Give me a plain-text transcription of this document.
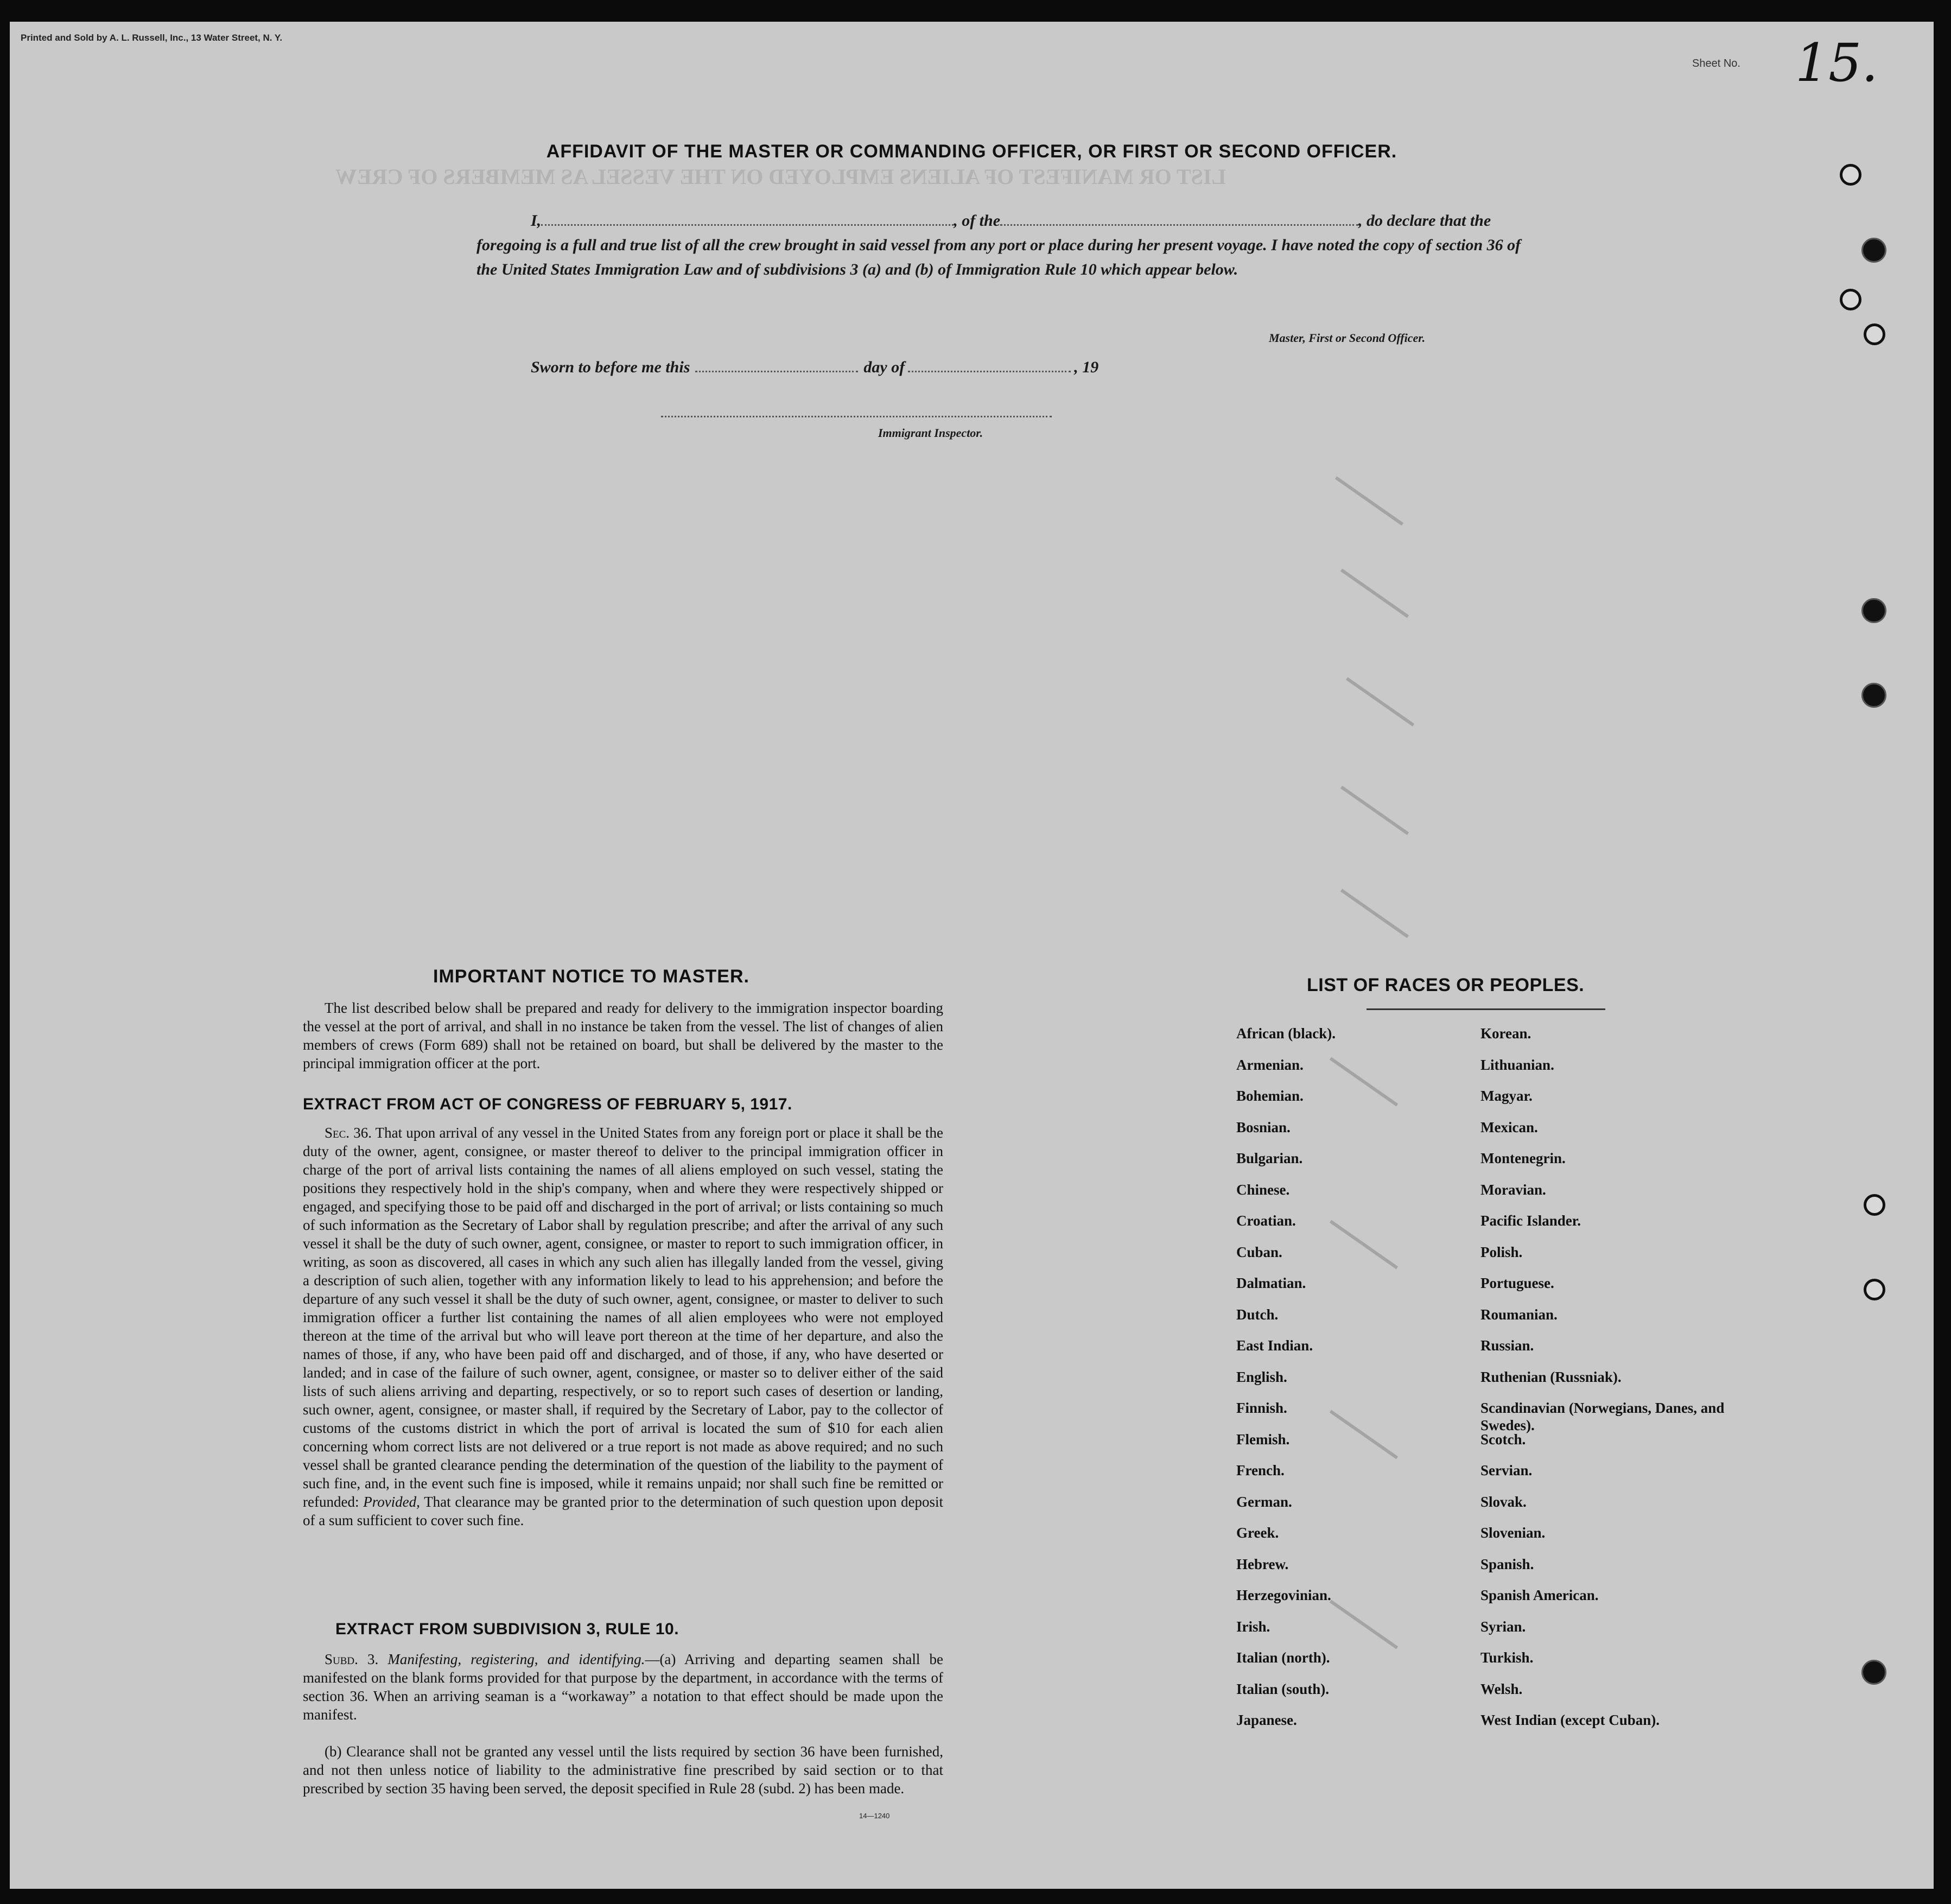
Printed and Sold by A. L. Russell, Inc., 13 Water Street, N. Y.
Sheet No. 15.
LIST OR MANIFEST OF ALIENS EMPLOYED ON THE VESSEL AS MEMBERS OF CREW
AFFIDAVIT OF THE MASTER OR COMMANDING OFFICER, OR FIRST OR SECOND OFFICER.
I,	, of the	, do declare that the foregoing is a full and true list of all the crew brought in said vessel from any port or place during her present voyage. I have noted the copy of section 36 of the United States Immigration Law and of subdivisions 3 (a) and (b) of Immigration Rule 10 which appear below.
Master, First or Second Officer.
Sworn to before me this	day of	, 19
Immigrant Inspector.
IMPORTANT NOTICE TO MASTER.
The list described below shall be prepared and ready for delivery to the immigration inspector boarding the vessel at the port of arrival, and shall in no instance be taken from the vessel. The list of changes of alien members of crews (Form 689) shall not be retained on board, but shall be delivered by the master to the principal immigration officer at the port.
EXTRACT FROM ACT OF CONGRESS OF FEBRUARY 5, 1917.
Sec. 36. That upon arrival of any vessel in the United States from any foreign port or place it shall be the duty of the owner, agent, consignee, or master thereof to deliver to the principal immigration officer in charge of the port of arrival lists containing the names of all aliens employed on such vessel, stating the positions they respectively hold in the ship's company, when and where they were respectively shipped or engaged, and specifying those to be paid off and discharged in the port of arrival; or lists containing so much of such information as the Secretary of Labor shall by regulation prescribe; and after the arrival of any such vessel it shall be the duty of such owner, agent, consignee, or master to report to such immigration officer, in writing, as soon as discovered, all cases in which any such alien has illegally landed from the vessel, giving a description of such alien, together with any information likely to lead to his apprehension; and before the departure of any such vessel it shall be the duty of such owner, agent, consignee, or master to deliver to such immigration officer a further list containing the names of all alien employees who were not employed thereon at the time of the arrival but who will leave port thereon at the time of her departure, and also the names of those, if any, who have been paid off and discharged, and of those, if any, who have deserted or landed; and in case of the failure of such owner, agent, consignee, or master so to deliver either of the said lists of such aliens arriving and departing, respectively, or so to report such cases of desertion or landing, such owner, agent, consignee, or master shall, if required by the Secretary of Labor, pay to the collector of customs of the customs district in which the port of arrival is located the sum of $10 for each alien concerning whom correct lists are not delivered or a true report is not made as above required; and no such vessel shall be granted clearance pending the determination of the question of the liability to the payment of such fine, and, in the event such fine is imposed, while it remains unpaid; nor shall such fine be remitted or refunded: Provided, That clearance may be granted prior to the determination of such question upon deposit of a sum sufficient to cover such fine.
EXTRACT FROM SUBDIVISION 3, RULE 10.
Subd. 3. Manifesting, registering, and identifying.—(a) Arriving and departing seamen shall be manifested on the blank forms provided for that purpose by the department, in accordance with the terms of section 36. When an arriving seaman is a “workaway” a notation to that effect should be made upon the manifest.
(b) Clearance shall not be granted any vessel until the lists required by section 36 have been furnished, and not then unless notice of liability to the administrative fine prescribed by said section or to that prescribed by section 35 having been served, the deposit specified in Rule 28 (subd. 2) has been made.
14—1240
LIST OF RACES OR PEOPLES.
African (black).
Armenian.
Bohemian.
Bosnian.
Bulgarian.
Chinese.
Croatian.
Cuban.
Dalmatian.
Dutch.
East Indian.
English.
Finnish.
Flemish.
French.
German.
Greek.
Hebrew.
Herzegovinian.
Irish.
Italian (north).
Italian (south).
Japanese.
Korean.
Lithuanian.
Magyar.
Mexican.
Montenegrin.
Moravian.
Pacific Islander.
Polish.
Portuguese.
Roumanian.
Russian.
Ruthenian (Russniak).
Scandinavian (Norwegians, Danes, and Swedes).
Scotch.
Servian.
Slovak.
Slovenian.
Spanish.
Spanish American.
Syrian.
Turkish.
Welsh.
West Indian (except Cuban).
